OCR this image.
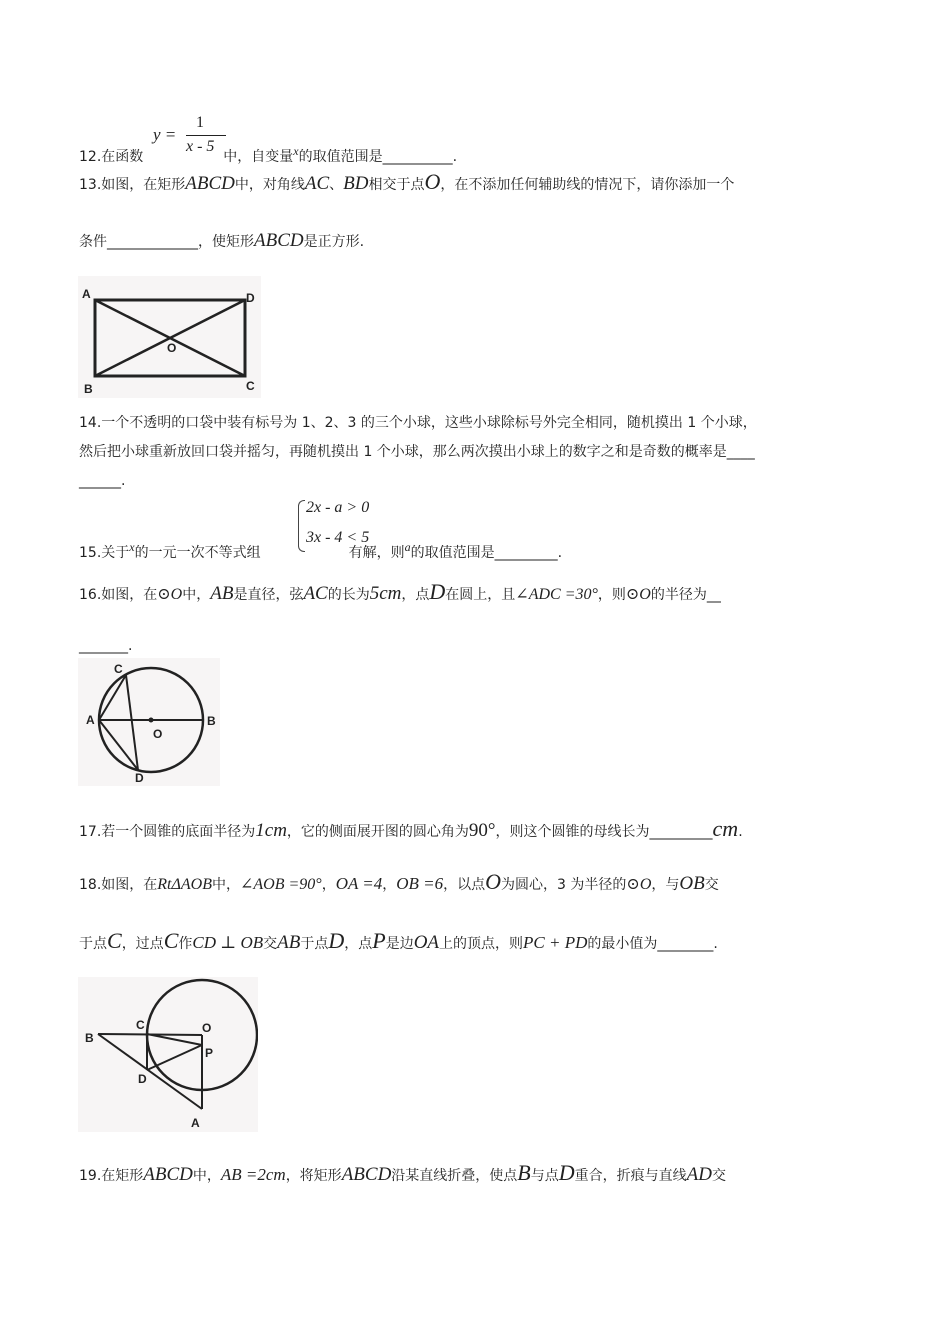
1
y =
x - 5
12.在函数	中，自变量x的取值范围是__________.
13.如图，在矩形ABCD中，对角线AC、BD相交于点O，在不添加任何辅助线的情况下，请你添加一个
条件_____________，使矩形ABCD是正方形.
A	D
O
B	C
14.一个不透明的口袋中装有标号为 1、2、3 的三个小球，这些小球除标号外完全相同，随机摸出 1 个小球，
然后把小球重新放回口袋并摇匀，再随机摸出 1 个小球，那么两次摸出小球上的数字之和是奇数的概率是____
______.
2x - a > 0
3x - 4 < 5
15.关于x的一元一次不等式组	有解，则a的取值范围是_________.
16.如图，在⊙O中，AB是直径，弦AC的长为5cm，点D在圆上，且∠ADC =30°，则⊙O的半径为__
_______.
C
A	B
O
D
17.若一个圆锥的底面半径为1cm，它的侧面展开图的圆心角为90°，则这个圆锥的母线长为_________cm.
18.如图，在RtΔAOB中，∠AOB =90°，OA =4，OB =6，以点O为圆心，3 为半径的⊙O，与OB交
于点C，过点C作CD ⊥ OB交AB于点D，点P是边OA上的顶点，则PC + PD的最小值为________.
B
C	O
P
D
A
19.在矩形ABCD中，AB =2cm，将矩形ABCD沿某直线折叠，使点B与点D重合，折痕与直线AD交
